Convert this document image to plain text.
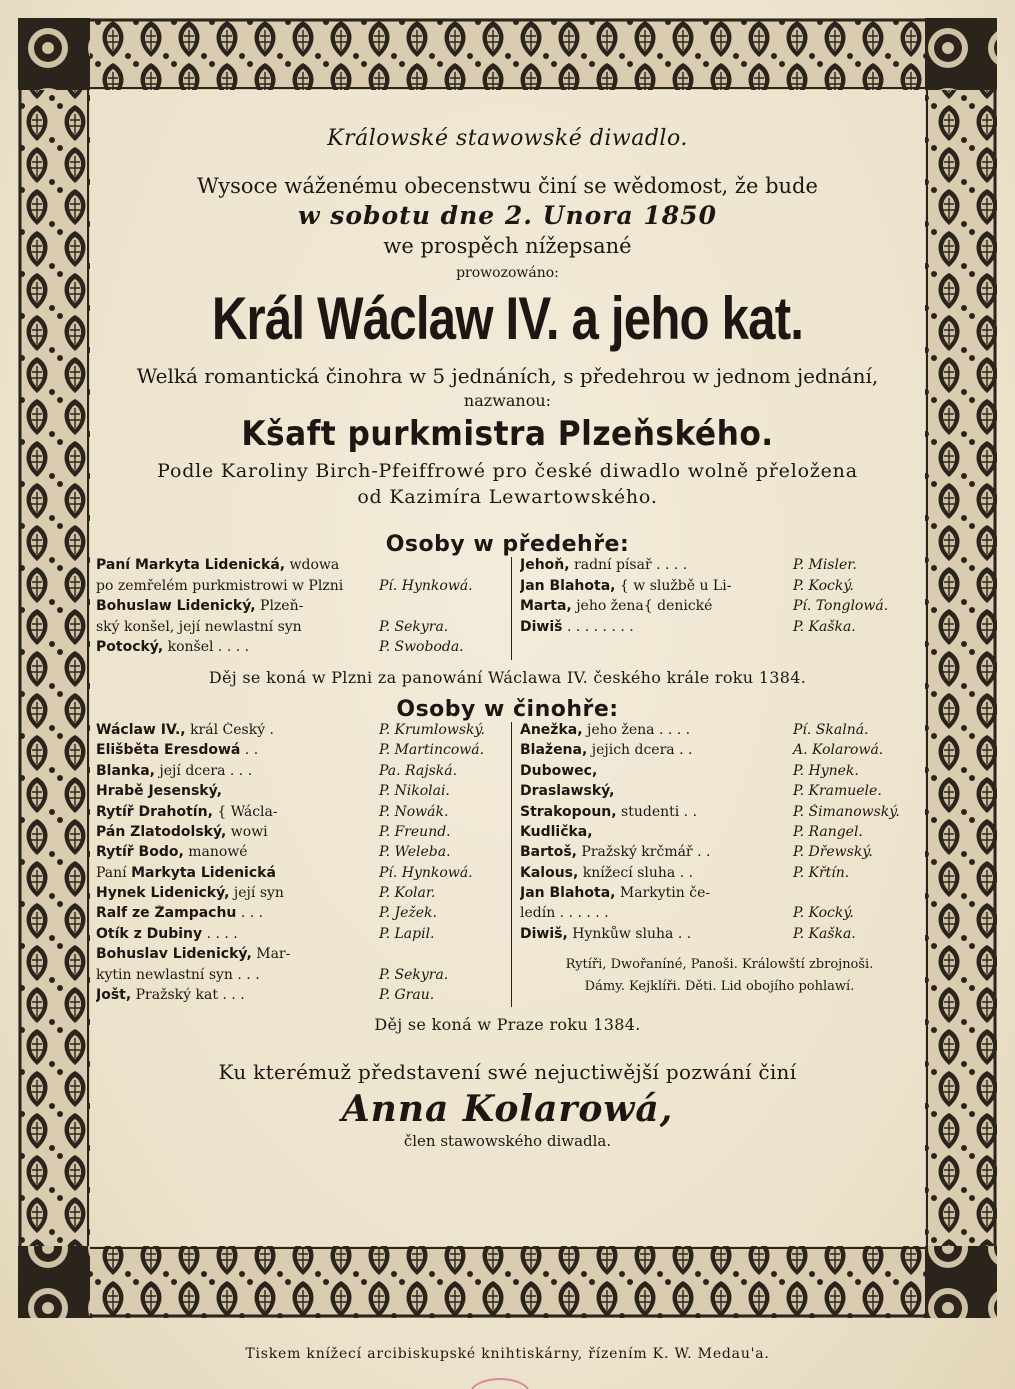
Králowské stawowské diwadlo.
Wysoce wáženému obecenstwu činí se wědomost, že bude
w sobotu dne 2. Unora 1850
we prospěch nížepsané
prowozowáno:
Král Wáclaw IV. a jeho kat.
Welká romantická činohra w 5 jednáních, s předehrou w jednom jednání,
nazwanou:
Kšaft purkmistra Plzeňského.
Podle Karoliny Birch-Pfeiffrowé pro české diwadlo wolně přeložena
od Kazimíra Lewartowského.
Osoby w předehře:
Paní Markyta Lidenická, wdowa
po zemřelém purkmistrowi w Plzni	Pí. Hynkowá.
Bohuslaw Lidenický, Plzeň-
ský konšel, její newlastní syn	P. Sekyra.
Potocký, konšel . . . .	P. Swoboda.
Jehoň, radní písař . . . .	P. Misler.
Jan Blahota, { w službě u Li-	P. Kocký.
Marta, jeho žena{ denické	Pí. Tonglowá.
Diwiš . . . . . . . .	P. Kaška.
Děj se koná w Plzni za panowání Wáclawa IV. českého krále roku 1384.
Osoby w činohře:
Wáclaw IV., král Český .	P. Krumlowský.
Elišběta Eresdowá . .	P. Martincowá.
Blanka, její dcera . . .	Pa. Rajská.
Hrabě Jesenský,	P. Nikolai.
Rytíř Drahotín, { Wácla-	P. Nowák.
Pán Zlatodolský, wowi	P. Freund.
Rytíř Bodo, manowé	P. Weleba.
Paní Markyta Lidenická	Pí. Hynkowá.
Hynek Lidenický, její syn	P. Kolar.
Ralf ze Žampachu . . .	P. Ježek.
Otík z Dubiny . . . .	P. Lapil.
Bohuslav Lidenický, Mar-
kytin newlastní syn . . .	P. Sekyra.
Jošt, Pražský kat . . .	P. Grau.
Anežka, jeho žena . . . .	Pí. Skalná.
Blažena, jejich dcera . .	A. Kolarowá.
Dubowec,	P. Hynek.
Draslawský,	P. Kramuele.
Strakopoun, studenti . .	P. Šimanowský.
Kudlička,	P. Rangel.
Bartoš, Pražský krčmář . .	P. Dřewský.
Kalous, knížecí sluha . .	P. Křtín.
Jan Blahota, Markytin če-
ledín . . . . . .	P. Kocký.
Diwiš, Hynkůw sluha . .	P. Kaška.
Rytíři, Dwořaníné, Panoši. Králowští zbrojnoši.
Dámy. Kejklíři. Děti. Lid obojího pohlawí.
Děj se koná w Praze roku 1384.
Ku kterémuž představení swé nejuctiwější pozwání činí
Anna Kolarowá,
člen stawowského diwadla.
Tiskem knížecí arcibiskupské knihtiskárny, řízením K. W. Medau'a.
